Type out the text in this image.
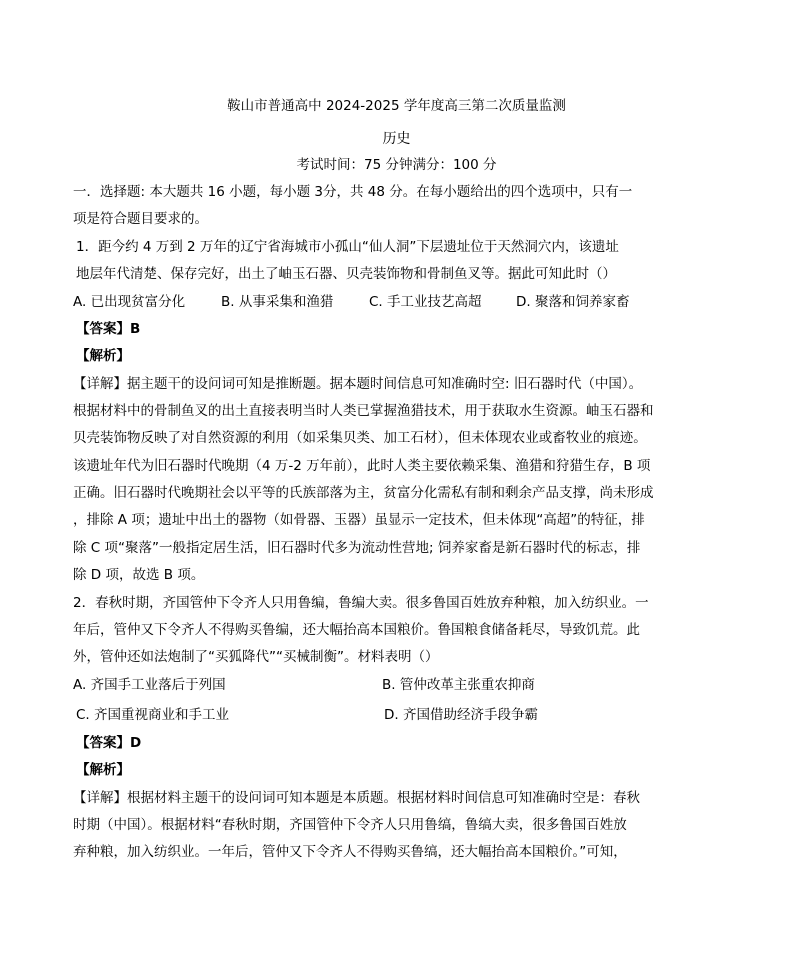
鞍山市普通高中 2024-2025 学年度高三第二次质量监测
历史
考试时间：75 分钟满分：100 分
一．选择题: 本大题共 16 小题，每小题 3分，共 48 分。在每小题给出的四个选项中，只有一
项是符合题目要求的。
1．距今约 4 万到 2 万年的辽宁省海城市小孤山“仙人洞”下层遗址位于天然洞穴内，该遗址
地层年代清楚、保存完好，出土了岫玉石器、贝壳装饰物和骨制鱼叉等。据此可知此时（）
A. 已出现贫富分化	B. 从事采集和渔猎	C. 手工业技艺高超	D. 聚落和饲养家畜
【答案】B
【解析】
【详解】据主题干的设问词可知是推断题。据本题时间信息可知准确时空: 旧石器时代（中国）。
根据材料中的骨制鱼叉的出土直接表明当时人类已掌握渔猎技术，用于获取水生资源。岫玉石器和
贝壳装饰物反映了对自然资源的利用（如采集贝类、加工石材），但未体现农业或畜牧业的痕迹。
该遗址年代为旧石器时代晚期（4 万-2 万年前），此时人类主要依赖采集、渔猎和狩猎生存，B 项
正确。旧石器时代晚期社会以平等的氏族部落为主，贫富分化需私有制和剩余产品支撑，尚未形成
，排除 A 项；遗址中出土的器物（如骨器、玉器）虽显示一定技术，但未体现“高超”的特征，排
除 C 项“聚落”一般指定居生活，旧石器时代多为流动性营地; 饲养家畜是新石器时代的标志，排
除 D 项，故选 B 项。
2．春秋时期，齐国管仲下令齐人只用鲁编，鲁编大卖。很多鲁国百姓放弃种粮，加入纺织业。一
年后，管仲又下令齐人不得购买鲁编，还大幅抬高本国粮价。鲁国粮食储备耗尽，导致饥荒。此
外，管仲还如法炮制了“买狐降代”“买械制衡”。材料表明（）
A. 齐国手工业落后于列国	B. 管仲改革主张重农抑商
C. 齐国重视商业和手工业	D. 齐国借助经济手段争霸
【答案】D
【解析】
【详解】根据材料主题干的设问词可知本题是本质题。根据材料时间信息可知准确时空是：春秋
时期（中国）。根据材料“春秋时期，齐国管仲下令齐人只用鲁缟，鲁缟大卖，很多鲁国百姓放
弃种粮，加入纺织业。一年后，管仲又下令齐人不得购买鲁缟，还大幅抬高本国粮价。”可知，
